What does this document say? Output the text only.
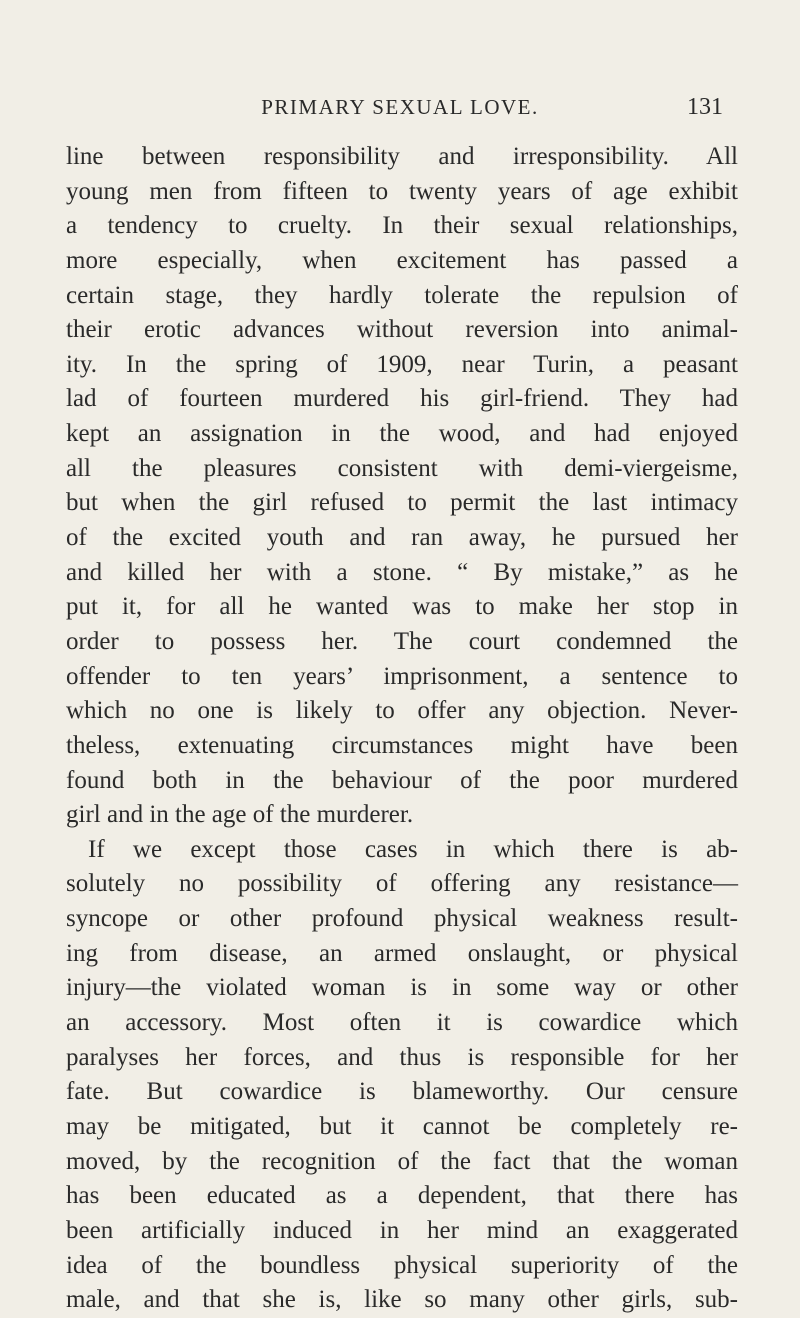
PRIMARY SEXUAL LOVE.	131
line between responsibility and irresponsibility. All
young men from fifteen to twenty years of age exhibit
a tendency to cruelty. In their sexual relationships,
more especially, when excitement has passed a
certain stage, they hardly tolerate the repulsion of
their erotic advances without reversion into animal-
ity. In the spring of 1909, near Turin, a peasant
lad of fourteen murdered his girl-friend. They had
kept an assignation in the wood, and had enjoyed
all the pleasures consistent with demi-viergeisme,
but when the girl refused to permit the last intimacy
of the excited youth and ran away, he pursued her
and killed her with a stone. “ By mistake,” as he
put it, for all he wanted was to make her stop in
order to possess her. The court condemned the
offender to ten years’ imprisonment, a sentence to
which no one is likely to offer any objection. Never-
theless, extenuating circumstances might have been
found both in the behaviour of the poor murdered
girl and in the age of the murderer.
If we except those cases in which there is ab-
solutely no possibility of offering any resistance—
syncope or other profound physical weakness result-
ing from disease, an armed onslaught, or physical
injury—the violated woman is in some way or other
an accessory. Most often it is cowardice which
paralyses her forces, and thus is responsible for her
fate. But cowardice is blameworthy. Our censure
may be mitigated, but it cannot be completely re-
moved, by the recognition of the fact that the woman
has been educated as a dependent, that there has
been artificially induced in her mind an exaggerated
idea of the boundless physical superiority of the
male, and that she is, like so many other girls, sub-
